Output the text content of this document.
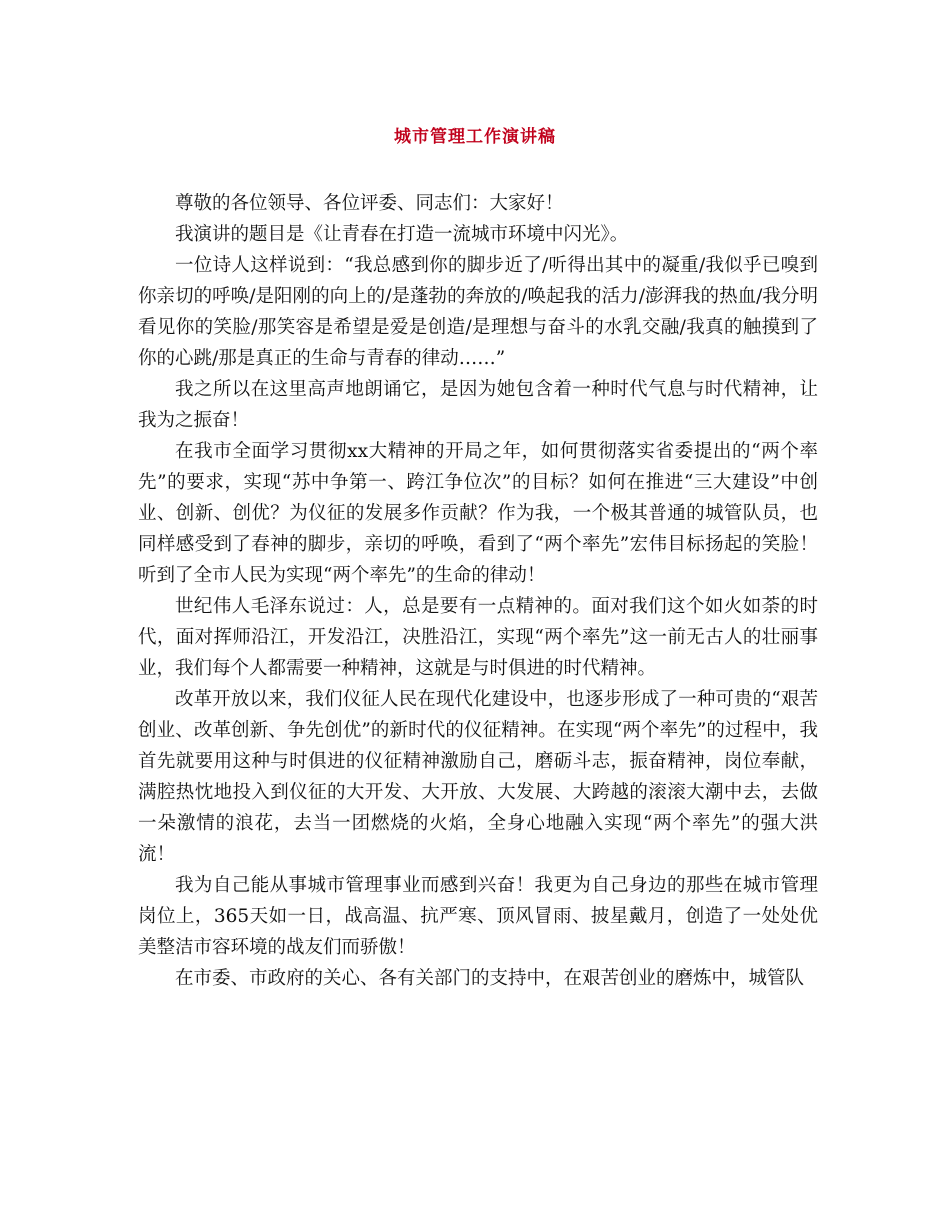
城市管理工作演讲稿

尊敬的各位领导、各位评委、同志们：大家好！

我演讲的题目是《让青春在打造一流城市环境中闪光》。

一位诗人这样说到：“我总感到你的脚步近了/听得出其中的凝重/我似乎已嗅到你亲切的呼唤/是阳刚的向上的/是蓬勃的奔放的/唤起我的活力/澎湃我的热血/我分明看见你的笑脸/那笑容是希望是爱是创造/是理想与奋斗的水乳交融/我真的触摸到了你的心跳/那是真正的生命与青春的律动……”

我之所以在这里高声地朗诵它，是因为她包含着一种时代气息与时代精神，让我为之振奋！

在我市全面学习贯彻xx大精神的开局之年，如何贯彻落实省委提出的“两个率先”的要求，实现“苏中争第一、跨江争位次”的目标？如何在推进“三大建设”中创业、创新、创优？为仪征的发展多作贡献？作为我，一个极其普通的城管队员，也同样感受到了春神的脚步，亲切的呼唤，看到了“两个率先”宏伟目标扬起的笑脸！听到了全市人民为实现“两个率先”的生命的律动！

世纪伟人毛泽东说过：人，总是要有一点精神的。面对我们这个如火如荼的时代，面对挥师沿江，开发沿江，决胜沿江，实现“两个率先”这一前无古人的壮丽事业，我们每个人都需要一种精神，这就是与时俱进的时代精神。

改革开放以来，我们仪征人民在现代化建设中，也逐步形成了一种可贵的“艰苦创业、改革创新、争先创优”的新时代的仪征精神。在实现“两个率先”的过程中，我首先就要用这种与时俱进的仪征精神激励自己，磨砺斗志，振奋精神，岗位奉献，满腔热忱地投入到仪征的大开发、大开放、大发展、大跨越的滚滚大潮中去，去做一朵激情的浪花，去当一团燃烧的火焰，全身心地融入实现“两个率先”的强大洪流！

我为自己能从事城市管理事业而感到兴奋！我更为自己身边的那些在城市管理岗位上，365天如一日，战高温、抗严寒、顶风冒雨、披星戴月，创造了一处处优美整洁市容环境的战友们而骄傲！

在市委、市政府的关心、各有关部门的支持中，在艰苦创业的磨炼中，城管队
